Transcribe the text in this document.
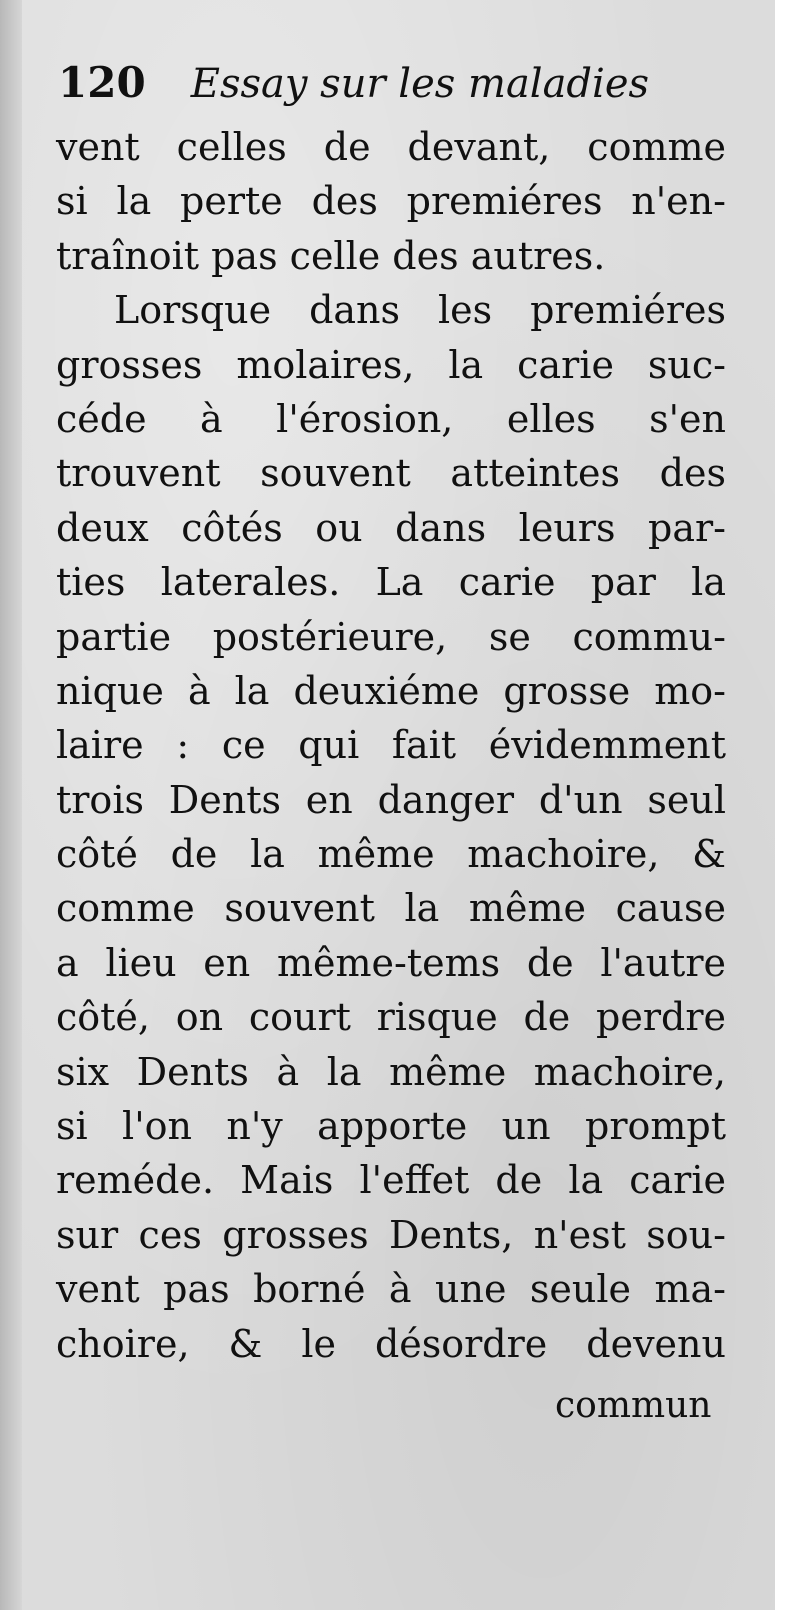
120 Essay sur les maladies
vent celles de devant, comme
si la perte des premiéres n'en-
traînoit pas celle des autres.
Lorsque dans les premiéres
grosses molaires, la carie suc-
céde à l'érosion, elles s'en
trouvent souvent atteintes des
deux côtés ou dans leurs par-
ties laterales. La carie par la
partie postérieure, se commu-
nique à la deuxiéme grosse mo-
laire : ce qui fait évidemment
trois Dents en danger d'un seul
côté de la même machoire, &
comme souvent la même cause
a lieu en même-tems de l'autre
côté, on court risque de perdre
six Dents à la même machoire,
si l'on n'y apporte un prompt
reméde. Mais l'effet de la carie
sur ces grosses Dents, n'est sou-
vent pas borné à une seule ma-
choire, & le désordre devenu
commun
